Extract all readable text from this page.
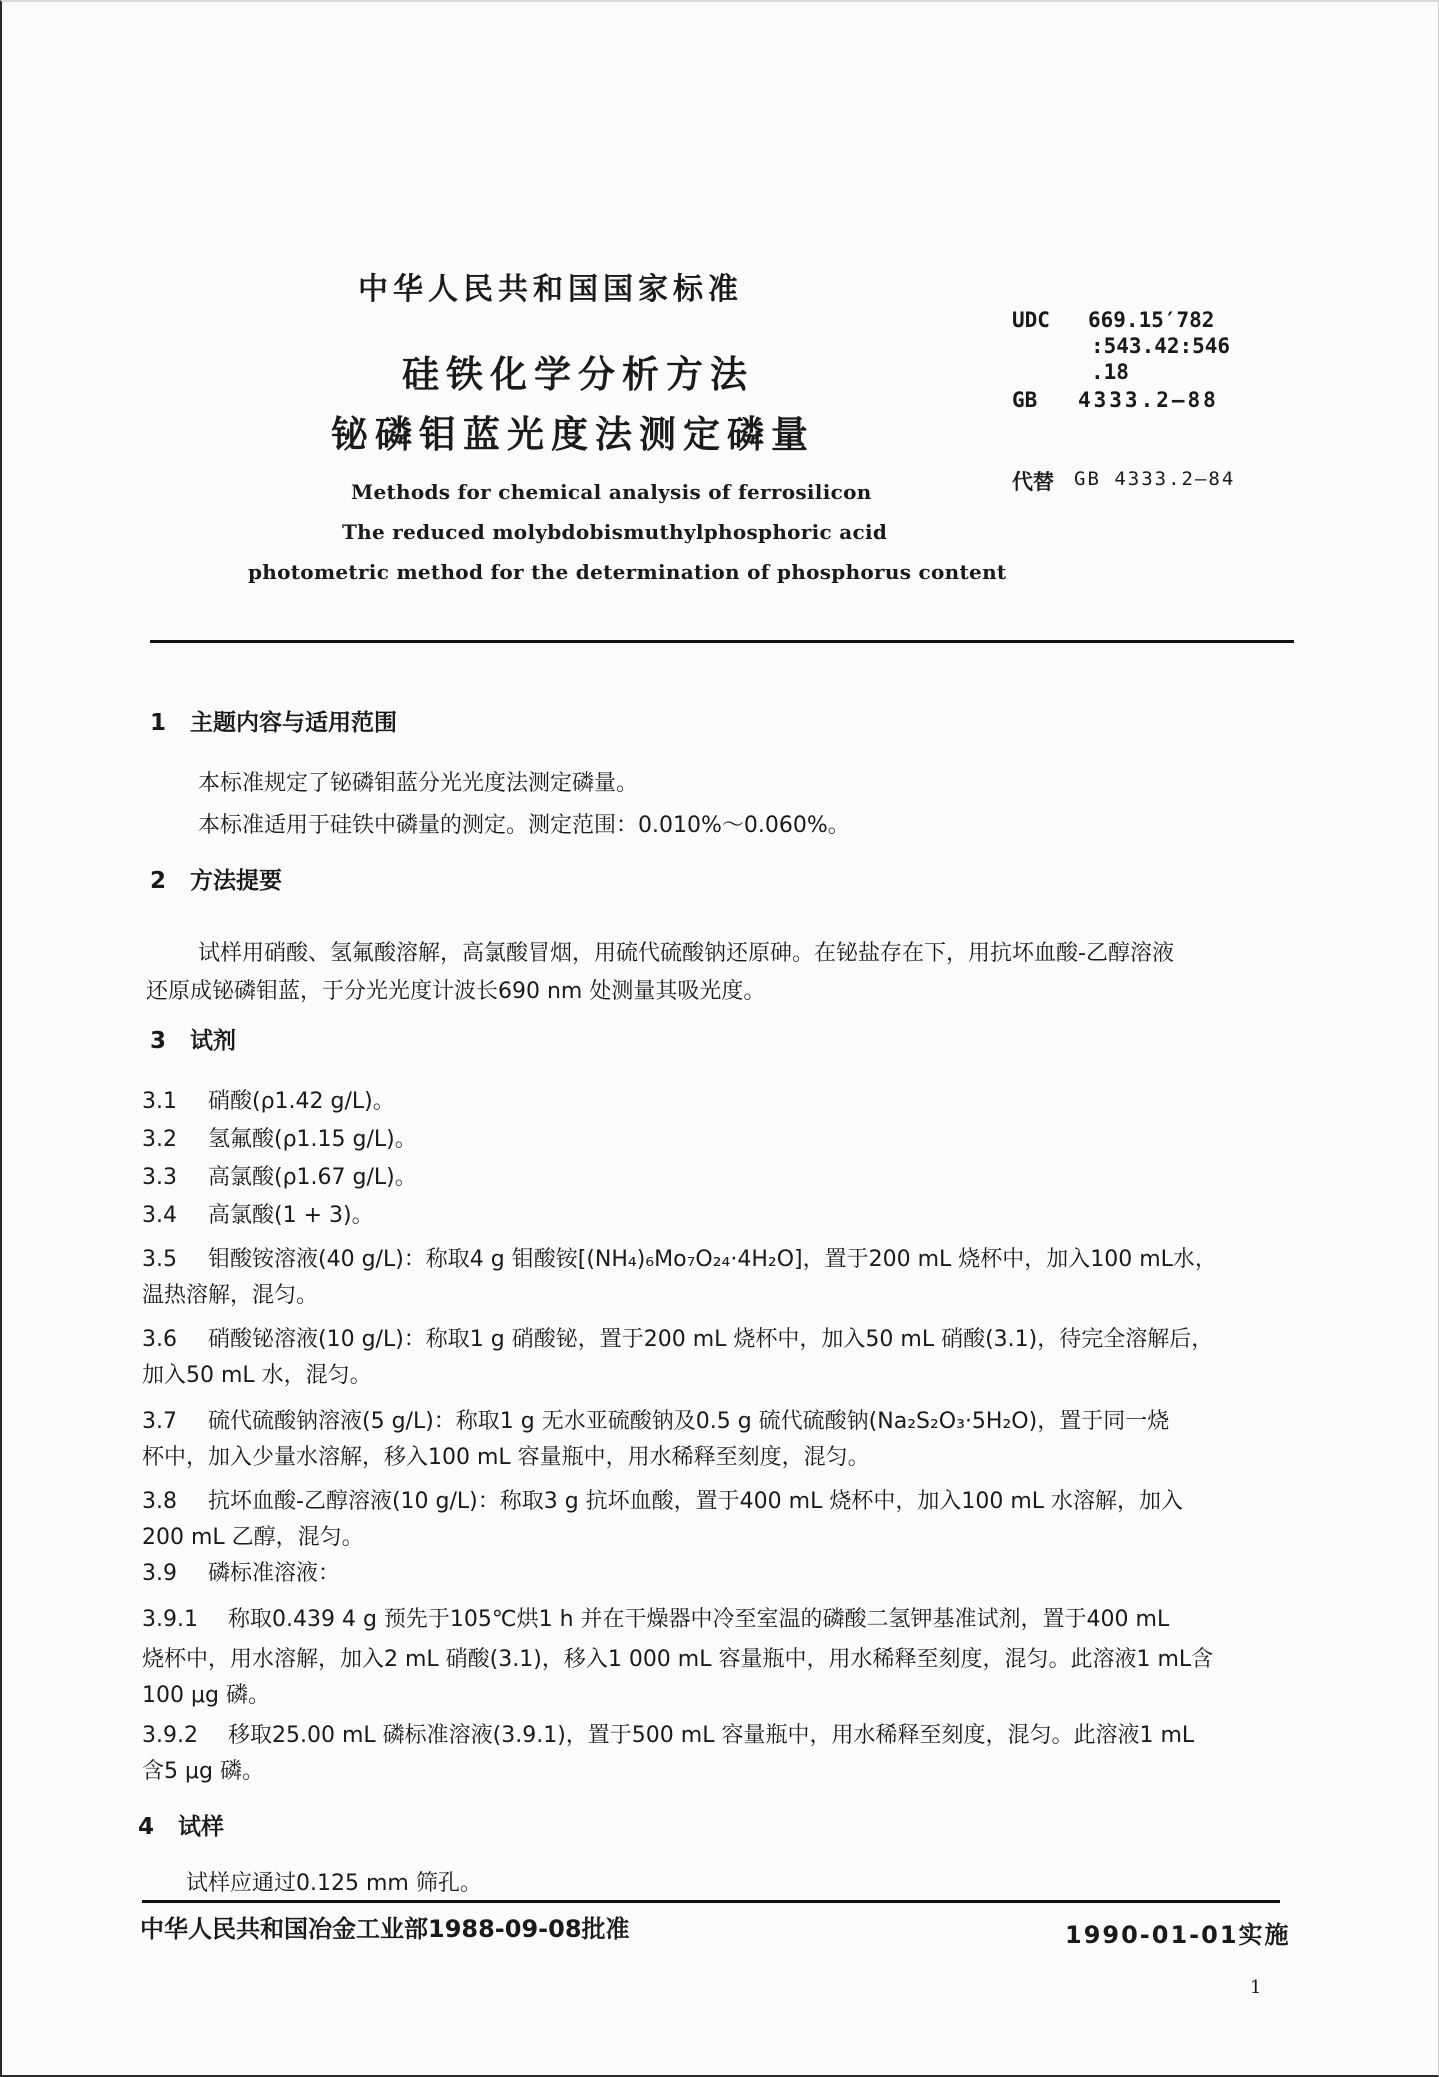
中华人民共和国国家标准
硅铁化学分析方法
铋磷钼蓝光度法测定磷量
Methods for chemical analysis of ferrosilicon
The reduced molybdobismuthylphosphoric acid
photometric method for the determination of phosphorus content
UDC 669.15′782
:543.42:546
.18
GB 4333.2—88
代替 GB 4333.2—84
1 主题内容与适用范围
本标准规定了铋磷钼蓝分光光度法测定磷量。
本标准适用于硅铁中磷量的测定。测定范围：0.010%～0.060%。
2 方法提要
试样用硝酸、氢氟酸溶解，高氯酸冒烟，用硫代硫酸钠还原砷。在铋盐存在下，用抗坏血酸-乙醇溶液
还原成铋磷钼蓝，于分光光度计波长690 nm 处测量其吸光度。
3 试剂
3.1 硝酸(ρ1.42 g/L)。
3.2 氢氟酸(ρ1.15 g/L)。
3.3 高氯酸(ρ1.67 g/L)。
3.4 高氯酸(1 + 3)。
3.5 钼酸铵溶液(40 g/L)：称取4 g 钼酸铵[(NH₄)₆Mo₇O₂₄·4H₂O]，置于200 mL 烧杯中，加入100 mL水，
温热溶解，混匀。
3.6 硝酸铋溶液(10 g/L)：称取1 g 硝酸铋，置于200 mL 烧杯中，加入50 mL 硝酸(3.1)，待完全溶解后，
加入50 mL 水，混匀。
3.7 硫代硫酸钠溶液(5 g/L)：称取1 g 无水亚硫酸钠及0.5 g 硫代硫酸钠(Na₂S₂O₃·5H₂O)，置于同一烧
杯中，加入少量水溶解，移入100 mL 容量瓶中，用水稀释至刻度，混匀。
3.8 抗坏血酸-乙醇溶液(10 g/L)：称取3 g 抗坏血酸，置于400 mL 烧杯中，加入100 mL 水溶解，加入
200 mL 乙醇，混匀。
3.9 磷标准溶液：
3.9.1 称取0.439 4 g 预先于105℃烘1 h 并在干燥器中冷至室温的磷酸二氢钾基准试剂，置于400 mL
烧杯中，用水溶解，加入2 mL 硝酸(3.1)，移入1 000 mL 容量瓶中，用水稀释至刻度，混匀。此溶液1 mL含
100 μg 磷。
3.9.2 移取25.00 mL 磷标准溶液(3.9.1)，置于500 mL 容量瓶中，用水稀释至刻度，混匀。此溶液1 mL
含5 μg 磷。
4 试样
试样应通过0.125 mm 筛孔。
中华人民共和国冶金工业部1988-09-08批准	1990-01-01实施
1
